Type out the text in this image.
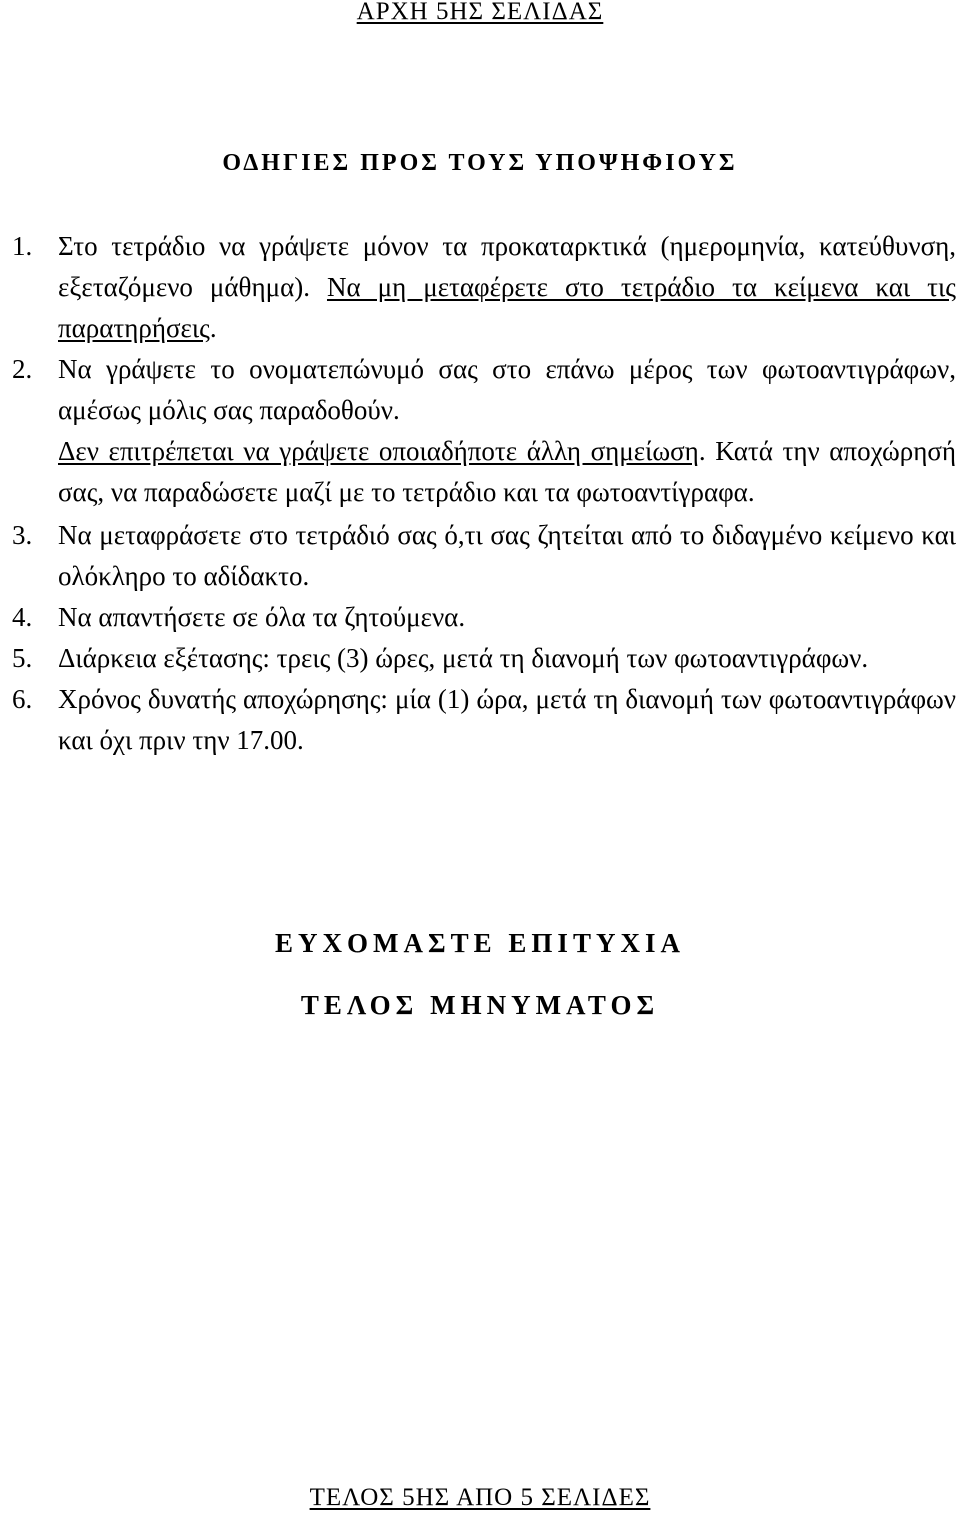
ΑΡΧΗ 5ΗΣ ΣΕΛΙΔΑΣ
ΟΔΗΓΙΕΣ ΠΡΟΣ ΤΟΥΣ ΥΠΟΨΗΦΙΟΥΣ
1. Στο τετράδιο να γράψετε μόνον τα προκαταρκτικά (ημερομηνία, κατεύθυνση, εξεταζόμενο μάθημα). Να μη μεταφέρετε στο τετράδιο τα κείμενα και τις παρατηρήσεις.
2. Να γράψετε το ονοματεπώνυμό σας στο επάνω μέρος των φωτοαντιγράφων, αμέσως μόλις σας παραδοθούν.
Δεν επιτρέπεται να γράψετε οποιαδήποτε άλλη σημείωση. Κατά την αποχώρησή σας, να παραδώσετε μαζί με το τετράδιο και τα φωτοαντίγραφα.
3. Να μεταφράσετε στο τετράδιό σας ό,τι σας ζητείται από το διδαγμένο κείμενο και ολόκληρο το αδίδακτο.
4. Να απαντήσετε σε όλα τα ζητούμενα.
5. Διάρκεια εξέτασης: τρεις (3) ώρες, μετά τη διανομή των φωτοαντιγράφων.
6. Χρόνος δυνατής αποχώρησης: μία (1) ώρα, μετά τη διανομή των φωτοαντιγράφων και όχι πριν την 17.00.
ΕΥΧΟΜΑΣΤΕ ΕΠΙΤΥΧΙΑ
ΤΕΛΟΣ ΜΗΝΥΜΑΤΟΣ
ΤΕΛΟΣ 5ΗΣ ΑΠΟ 5 ΣΕΛΙΔΕΣ
